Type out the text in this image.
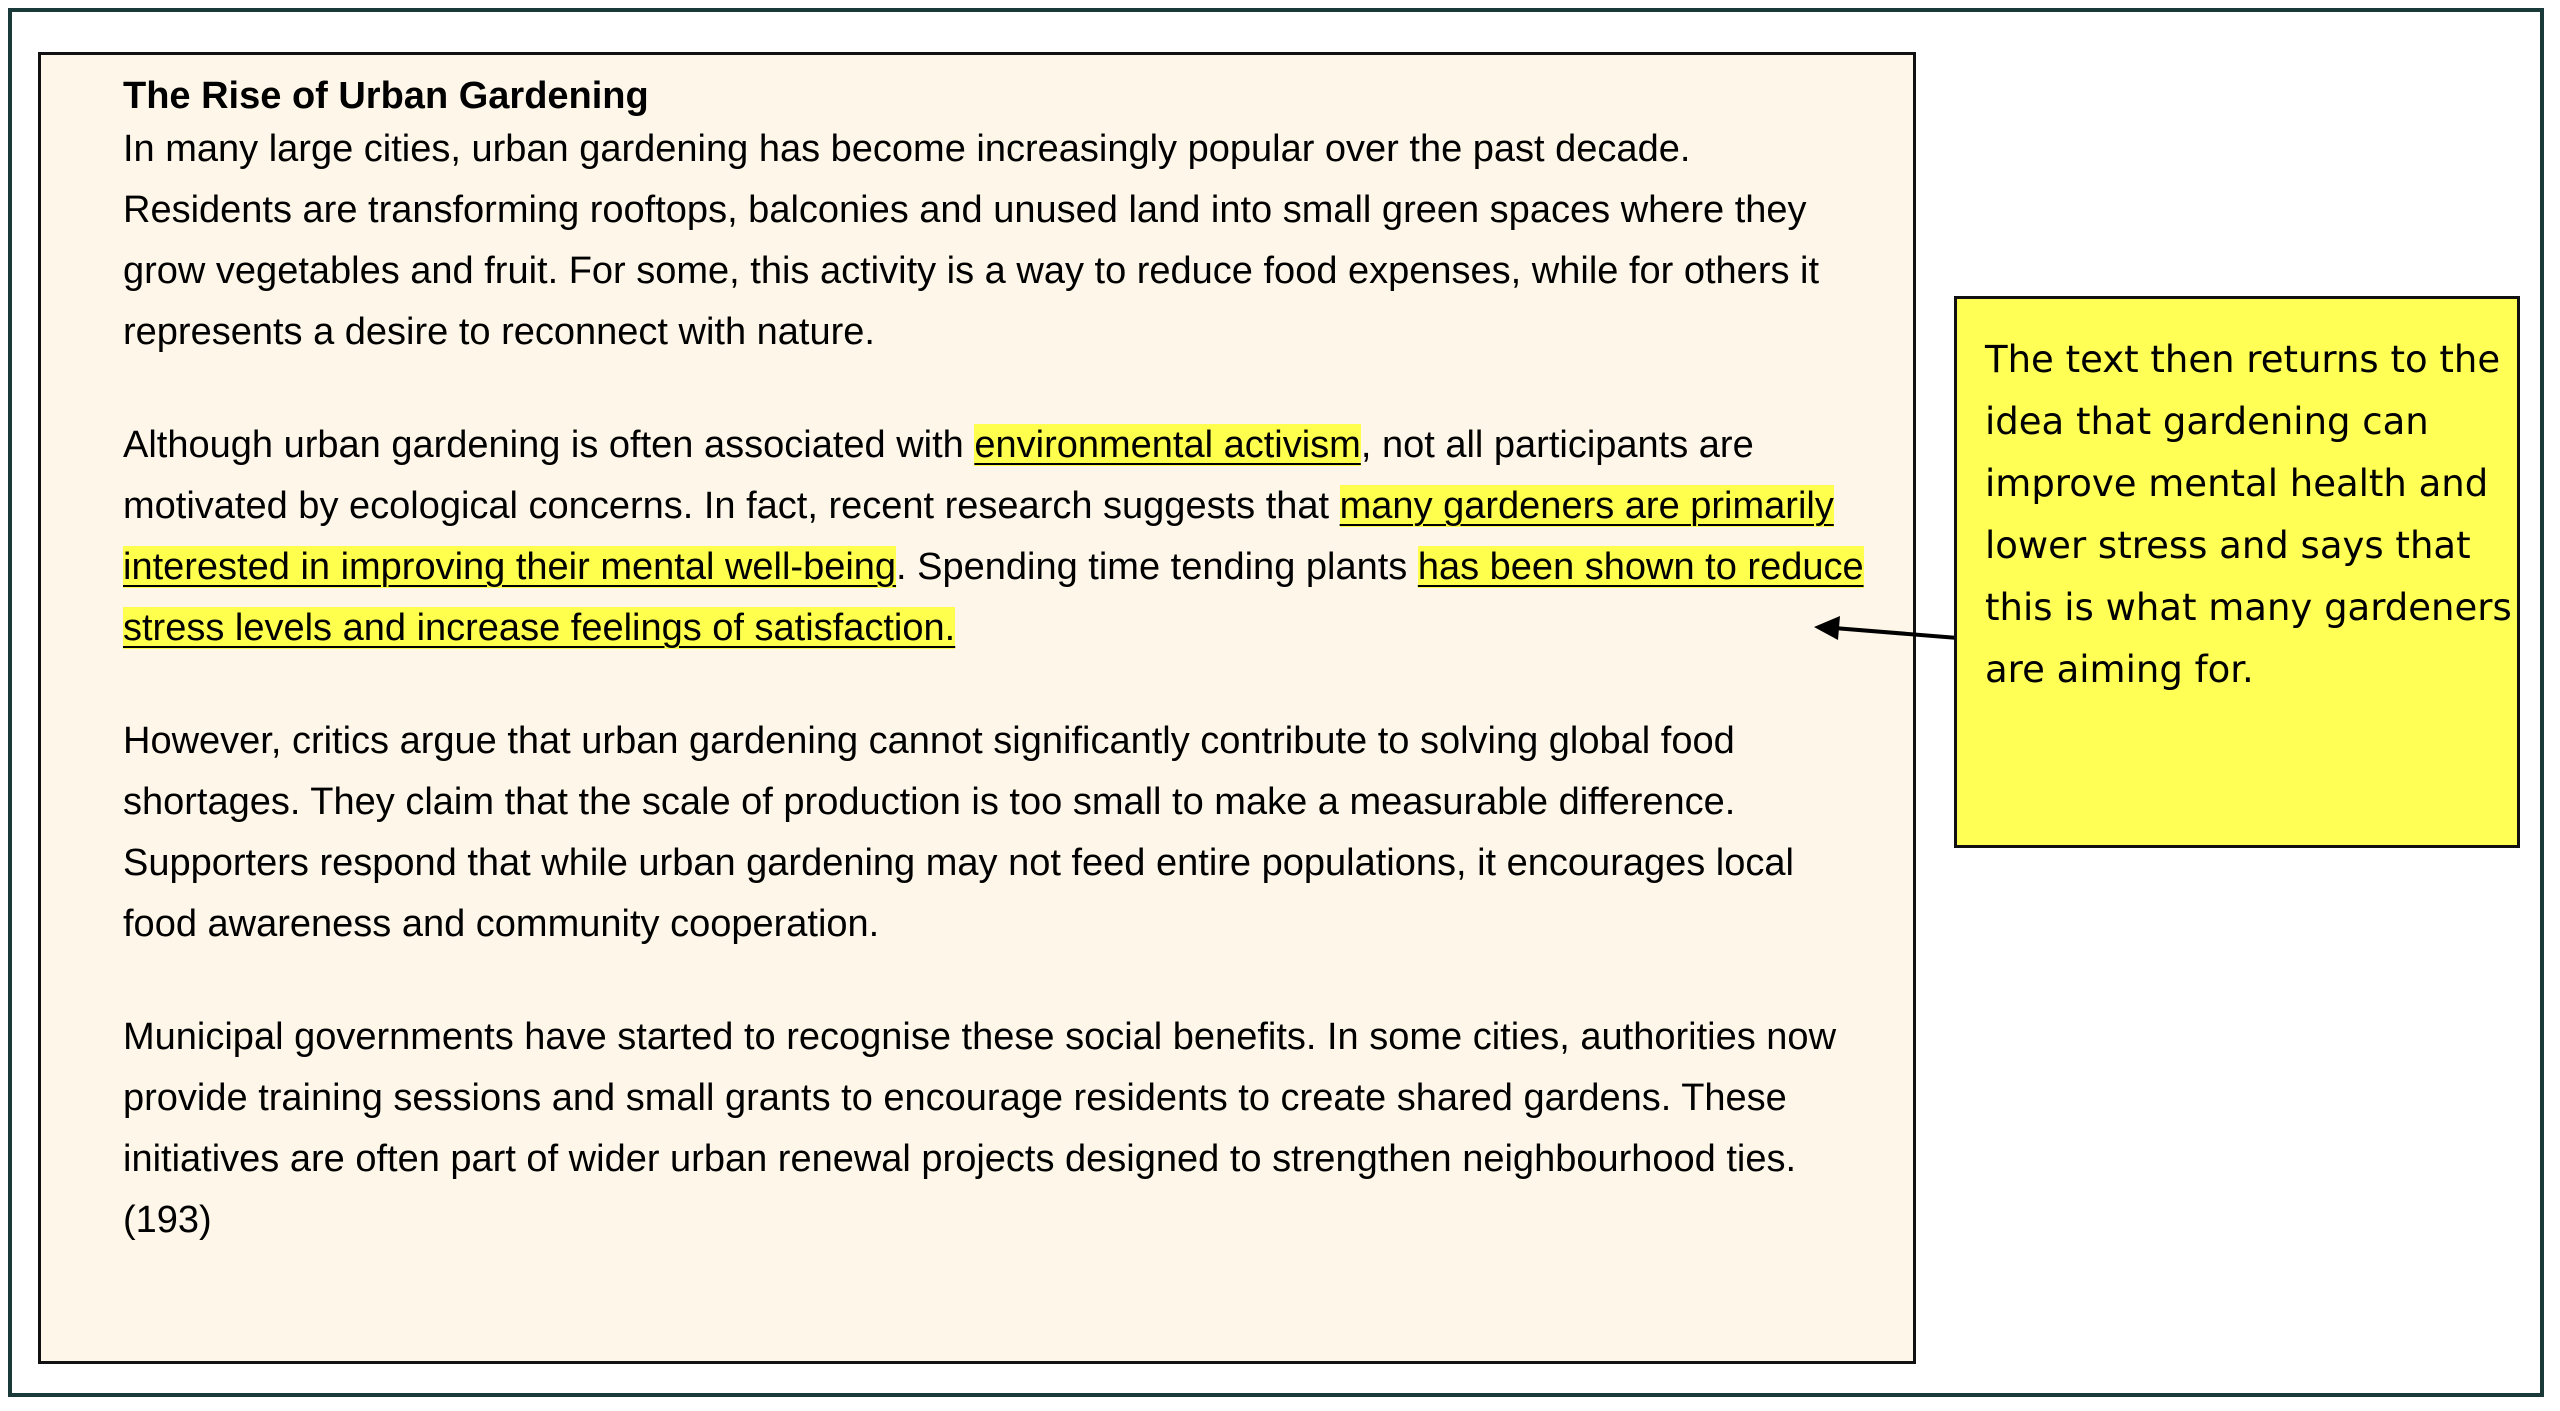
The Rise of Urban Gardening

In many large cities, urban gardening has become increasingly popular over the past decade. Residents are transforming rooftops, balconies and unused land into small green spaces where they grow vegetables and fruit. For some, this activity is a way to reduce food expenses, while for others it represents a desire to reconnect with nature.

Although urban gardening is often associated with environmental activism, not all participants are motivated by ecological concerns. In fact, recent research suggests that many gardeners are primarily interested in improving their mental well-being. Spending time tending plants has been shown to reduce stress levels and increase feelings of satisfaction.

However, critics argue that urban gardening cannot significantly contribute to solving global food shortages. They claim that the scale of production is too small to make a measurable difference. Supporters respond that while urban gardening may not feed entire populations, it encourages local food awareness and community cooperation.

Municipal governments have started to recognise these social benefits. In some cities, authorities now provide training sessions and small grants to encourage residents to create shared gardens. These initiatives are often part of wider urban renewal projects designed to strengthen neighbourhood ties. (193)

The text then returns to the idea that gardening can improve mental health and lower stress and says that this is what many gardeners are aiming for.
